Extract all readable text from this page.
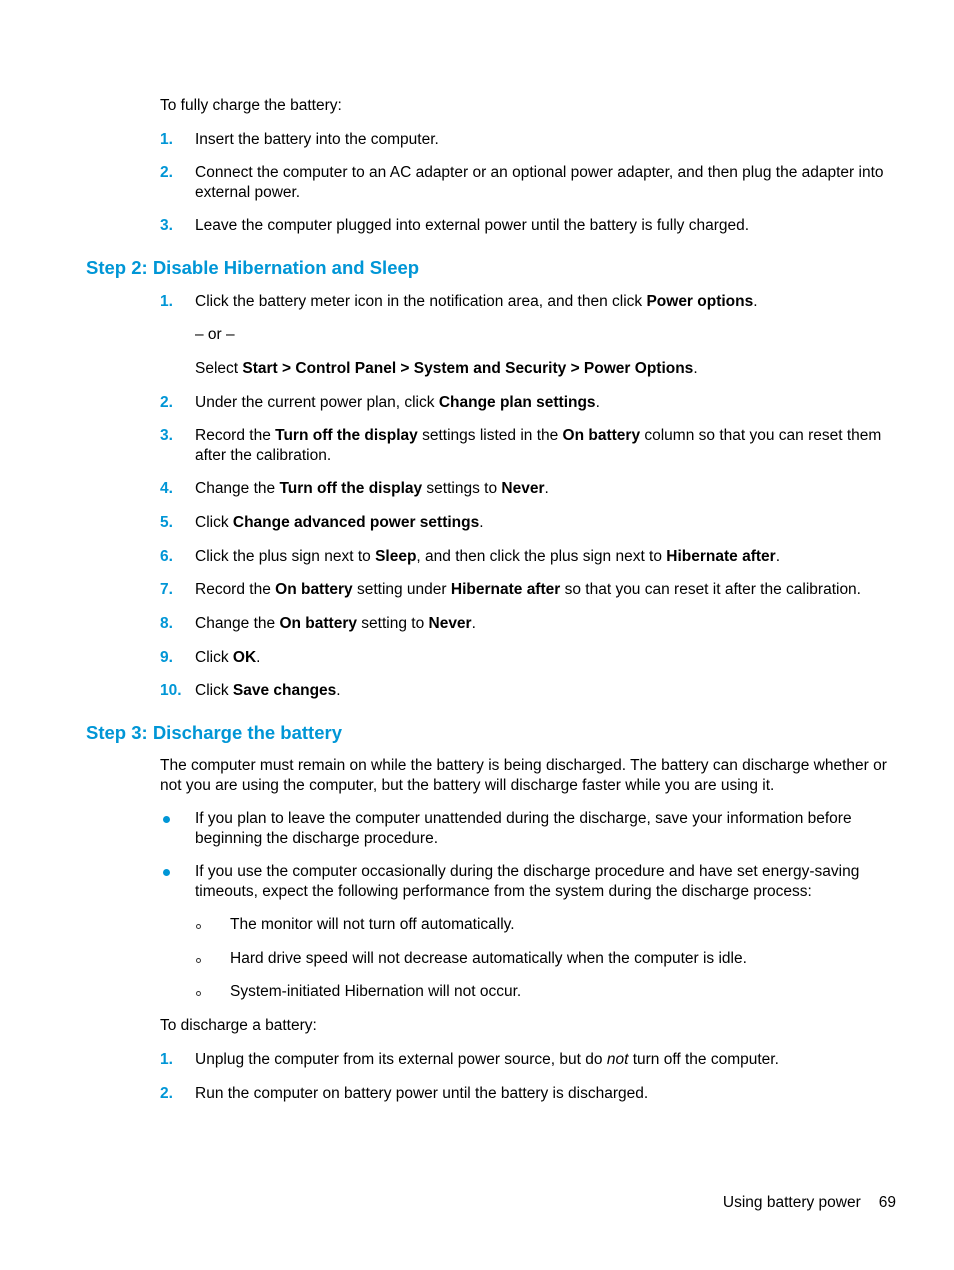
To fully charge the battery:

1. Insert the battery into the computer.
2. Connect the computer to an AC adapter or an optional power adapter, and then plug the adapter into external power.
3. Leave the computer plugged into external power until the battery is fully charged.
Step 2: Disable Hibernation and Sleep
1. Click the battery meter icon in the notification area, and then click Power options.
– or –
Select Start > Control Panel > System and Security > Power Options.
2. Under the current power plan, click Change plan settings.
3. Record the Turn off the display settings listed in the On battery column so that you can reset them after the calibration.
4. Change the Turn off the display settings to Never.
5. Click Change advanced power settings.
6. Click the plus sign next to Sleep, and then click the plus sign next to Hibernate after.
7. Record the On battery setting under Hibernate after so that you can reset it after the calibration.
8. Change the On battery setting to Never.
9. Click OK.
10. Click Save changes.
Step 3: Discharge the battery

The computer must remain on while the battery is being discharged. The battery can discharge whether or not you are using the computer, but the battery will discharge faster while you are using it.

If you plan to leave the computer unattended during the discharge, save your information before beginning the discharge procedure.
If you use the computer occasionally during the discharge procedure and have set energy-saving timeouts, expect the following performance from the system during the discharge process:
The monitor will not turn off automatically.
Hard drive speed will not decrease automatically when the computer is idle.
System-initiated Hibernation will not occur.

To discharge a battery:

1. Unplug the computer from its external power source, but do not turn off the computer.
2. Run the computer on battery power until the battery is discharged.
Using battery power 69
